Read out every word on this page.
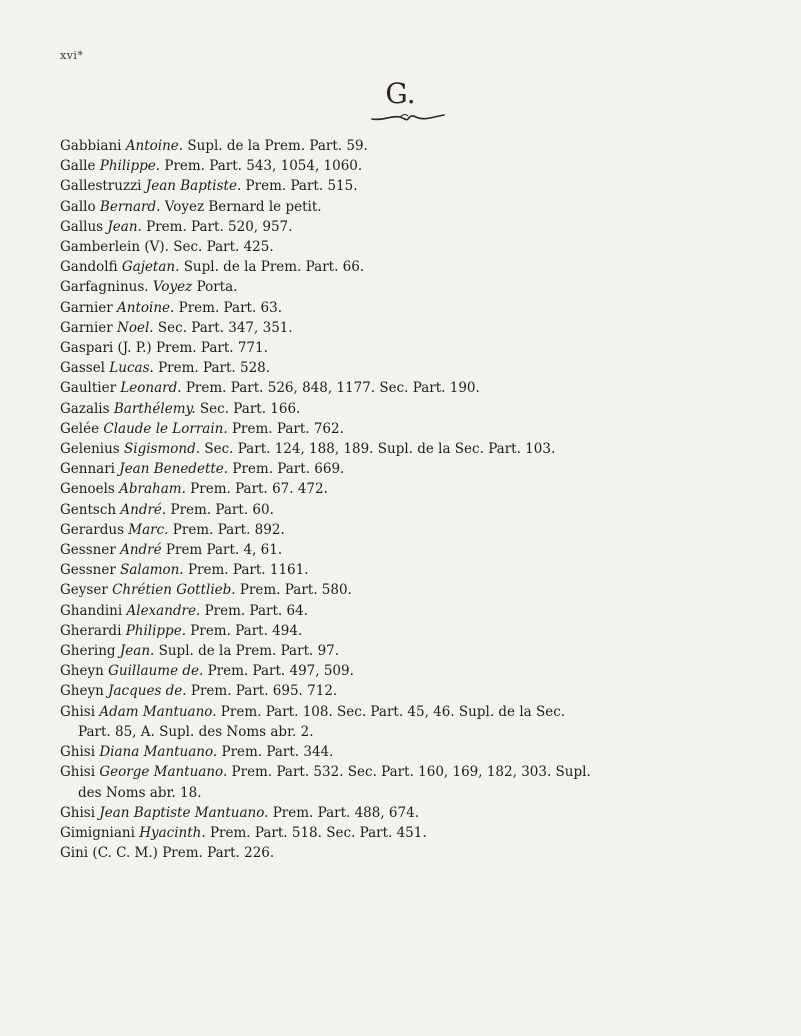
xvi*
G.
Gabbiani Antoine. Supl. de la Prem. Part. 59.
Galle Philippe. Prem. Part. 543, 1054, 1060.
Gallestruzzi Jean Baptiste. Prem. Part. 515.
Gallo Bernard. Voyez Bernard le petit.
Gallus Jean. Prem. Part. 520, 957.
Gamberlein (V). Sec. Part. 425.
Gandolfi Gajetan. Supl. de la Prem. Part. 66.
Garfagninus. Voyez Porta.
Garnier Antoine. Prem. Part. 63.
Garnier Noel. Sec. Part. 347, 351.
Gaspari (J. P.) Prem. Part. 771.
Gassel Lucas. Prem. Part. 528.
Gaultier Leonard. Prem. Part. 526, 848, 1177. Sec. Part. 190.
Gazalis Barthélemy. Sec. Part. 166.
Gelée Claude le Lorrain. Prem. Part. 762.
Gelenius Sigismond. Sec. Part. 124, 188, 189. Supl. de la Sec. Part. 103.
Gennari Jean Benedette. Prem. Part. 669.
Genoels Abraham. Prem. Part. 67. 472.
Gentsch André. Prem. Part. 60.
Gerardus Marc. Prem. Part. 892.
Gessner André Prem Part. 4, 61.
Gessner Salamon. Prem. Part. 1161.
Geyser Chrétien Gottlieb. Prem. Part. 580.
Ghandini Alexandre. Prem. Part. 64.
Gherardi Philippe. Prem. Part. 494.
Ghering Jean. Supl. de la Prem. Part. 97.
Gheyn Guillaume de. Prem. Part. 497, 509.
Gheyn Jacques de. Prem. Part. 695. 712.
Ghisi Adam Mantuano. Prem. Part. 108. Sec. Part. 45, 46. Supl. de la Sec.
Part. 85, A. Supl. des Noms abr. 2.
Ghisi Diana Mantuano. Prem. Part. 344.
Ghisi George Mantuano. Prem. Part. 532. Sec. Part. 160, 169, 182, 303. Supl.
des Noms abr. 18.
Ghisi Jean Baptiste Mantuano. Prem. Part. 488, 674.
Gimigniani Hyacinth. Prem. Part. 518. Sec. Part. 451.
Gini (C. C. M.) Prem. Part. 226.
